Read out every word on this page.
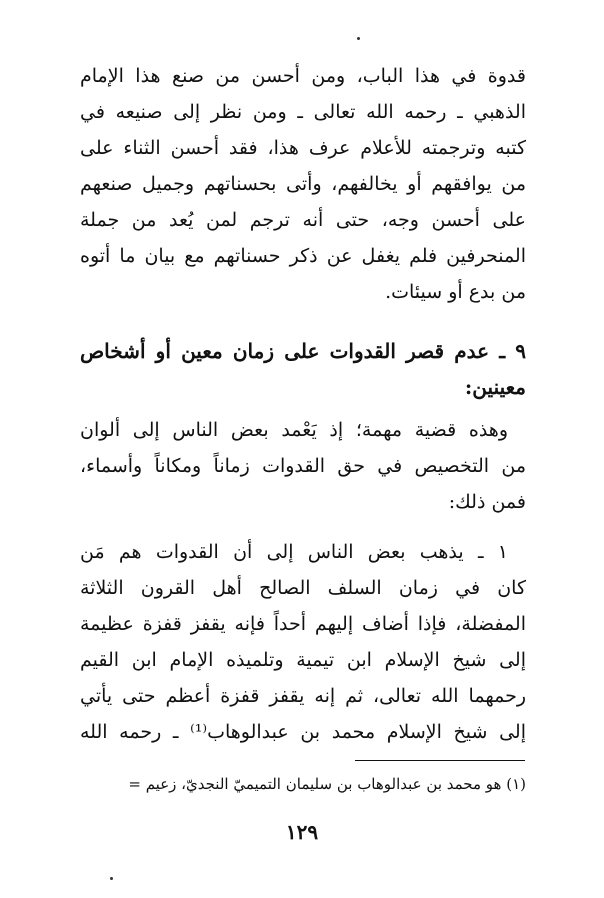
قدوة في هذا الباب، ومن أحسن من صنع هذا الإمام
الذهبي ـ رحمه الله تعالى ـ ومن نظر إلى صنيعه في
كتبه وترجمته للأعلام عرف هذا، فقد أحسن الثناء على
من يوافقهم أو يخالفهم، وأتى بحسناتهم وجميل صنعهم
على أحسن وجه، حتى أنه ترجم لمن يُعد من جملة
المنحرفين فلم يغفل عن ذكر حسناتهم مع بيان ما أتوه
من بدع أو سيئات.
٩ ـ عدم قصر القدوات على زمان معين أو أشخاص
معينين:
وهذه قضية مهمة؛ إذ يَعْمد بعض الناس إلى ألوان
من التخصيص في حق القدوات زماناً ومكاناً وأسماء،
فمن ذلك:
١ ـ يذهب بعض الناس إلى أن القدوات هم مَن
كان في زمان السلف الصالح أهل القرون الثلاثة
المفضلة، فإذا أضاف إليهم أحداً فإنه يقفز قفزة عظيمة
إلى شيخ الإسلام ابن تيمية وتلميذه الإمام ابن القيم
رحمهما الله تعالى، ثم إنه يقفز قفزة أعظم حتى يأتي
إلى شيخ الإسلام محمد بن عبدالوهاب⁽¹⁾ ـ رحمه الله
(١) هو محمد بن عبدالوهاب بن سليمان التميميّ النجديّ، زعيم =
١٢٩
